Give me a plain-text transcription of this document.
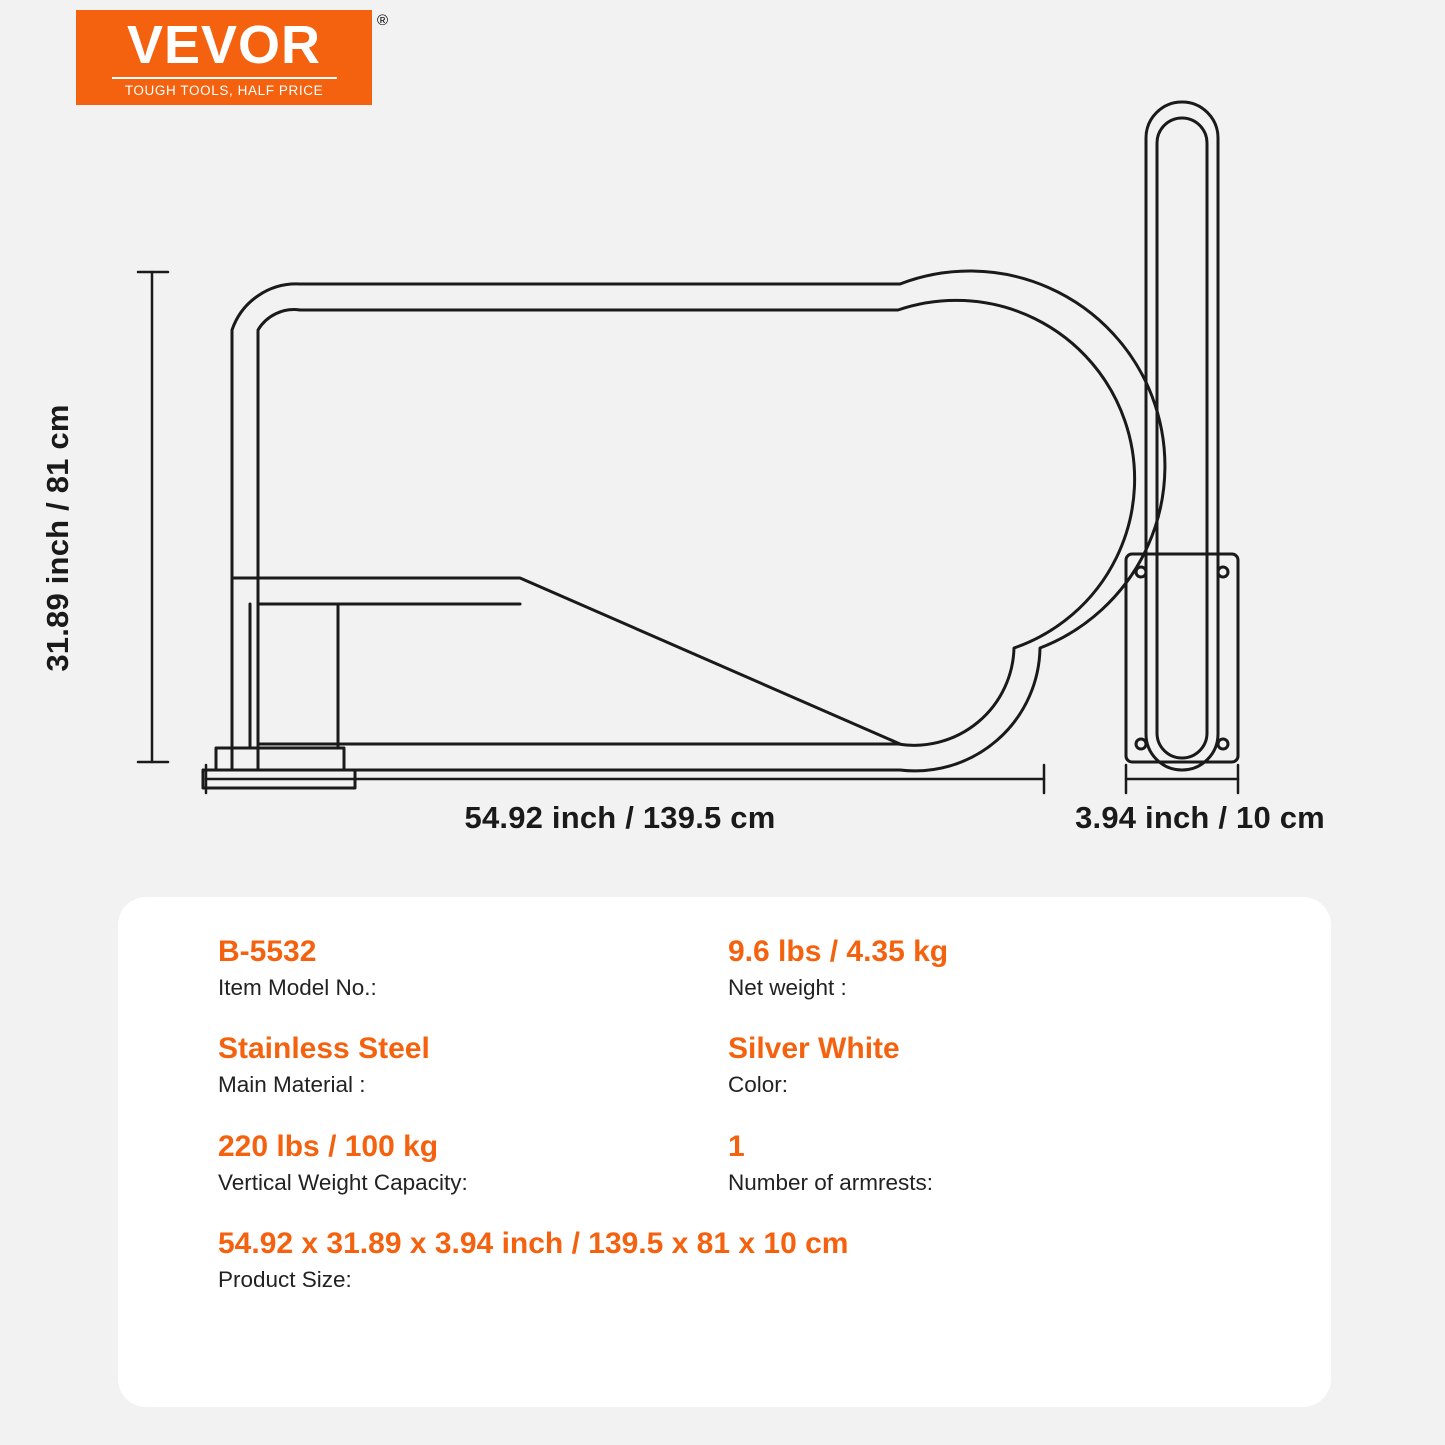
VEVOR	®
TOUGH TOOLS, HALF PRICE
31.89 inch / 81 cm
54.92 inch / 139.5 cm	3.94 inch / 10 cm
B-5532
Item Model No.:
9.6 lbs / 4.35 kg
Net weight :
Stainless Steel
Main Material :
Silver White
Color:
220 lbs / 100 kg
Vertical Weight Capacity:
1
Number of armrests:
54.92 x 31.89 x 3.94 inch / 139.5 x 81 x 10 cm
Product Size:
